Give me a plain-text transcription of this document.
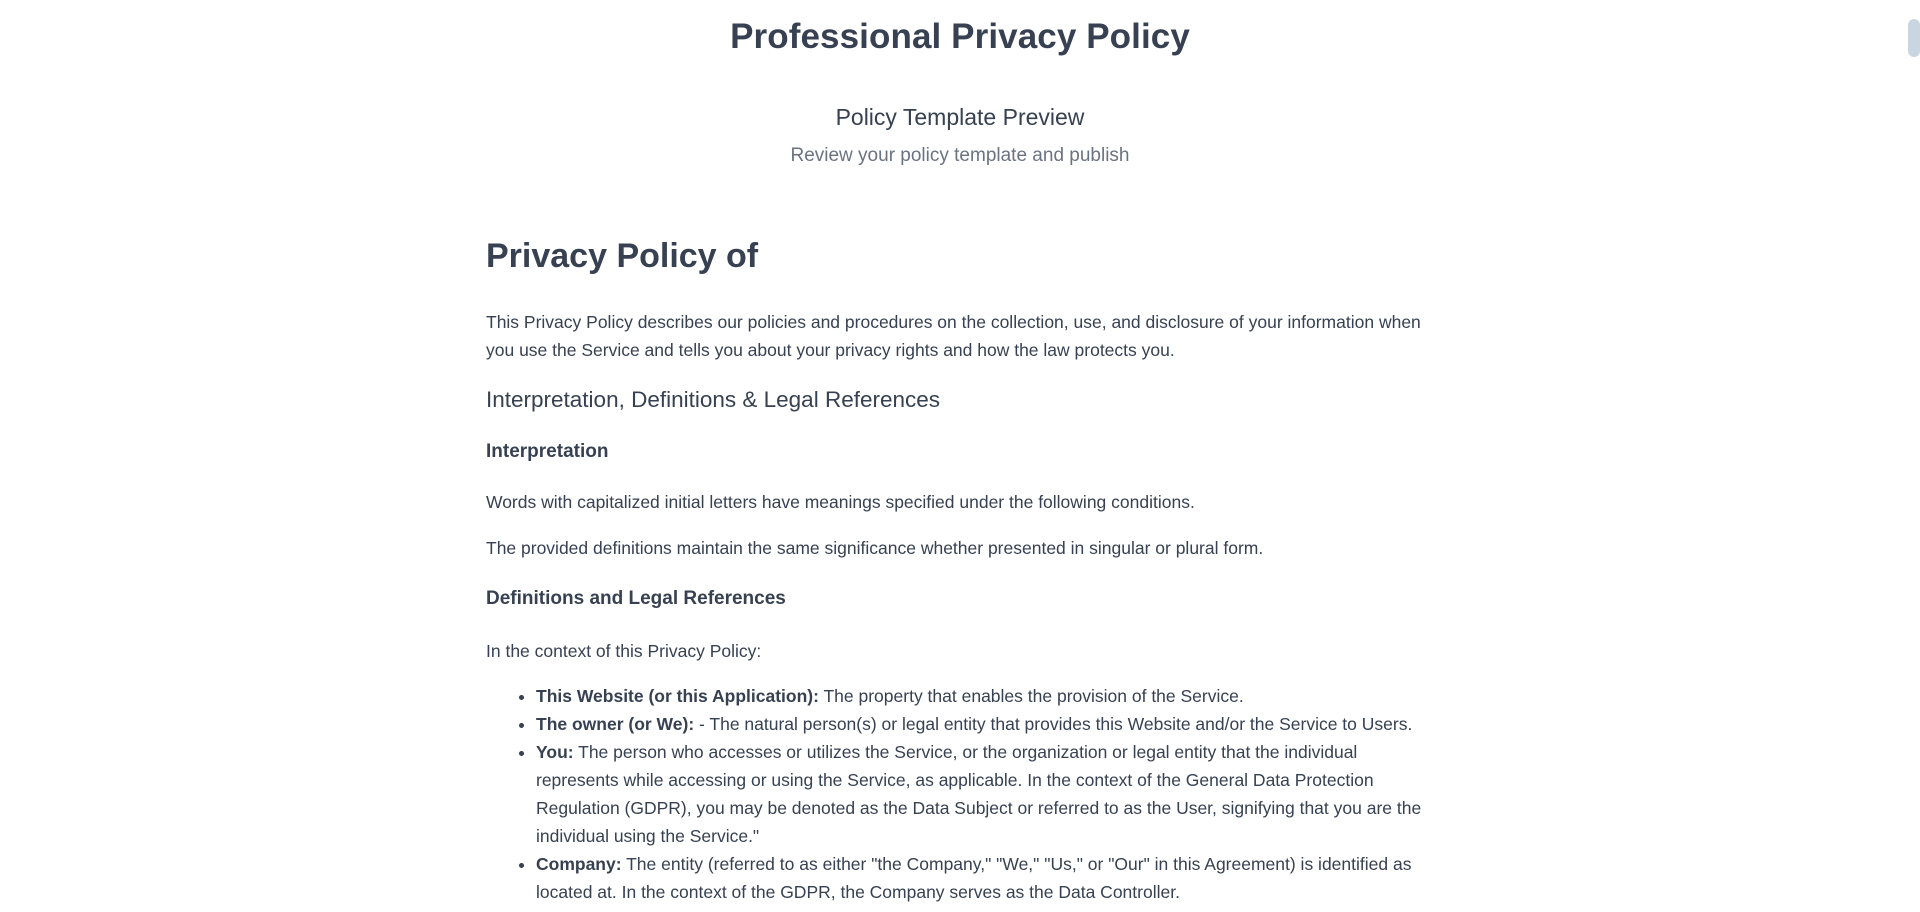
Professional Privacy Policy
Policy Template Preview
Review your policy template and publish
Privacy Policy of

This Privacy Policy describes our policies and procedures on the collection, use, and disclosure of your information when you use the Service and tells you about your privacy rights and how the law protects you.

Interpretation, Definitions & Legal References
Interpretation

Words with capitalized initial letters have meanings specified under the following conditions.

The provided definitions maintain the same significance whether presented in singular or plural form.

Definitions and Legal References

In the context of this Privacy Policy:

• This Website (or this Application): The property that enables the provision of the Service.
• The owner (or We): - The natural person(s) or legal entity that provides this Website and/or the Service to Users.
• You: The person who accesses or utilizes the Service, or the organization or legal entity that the individual represents while accessing or using the Service, as applicable. In the context of the General Data Protection Regulation (GDPR), you may be denoted as the Data Subject or referred to as the User, signifying that you are the individual using the Service."
• Company: The entity (referred to as either "the Company," "We," "Us," or "Our" in this Agreement) is identified as located at. In the context of the GDPR, the Company serves as the Data Controller.
